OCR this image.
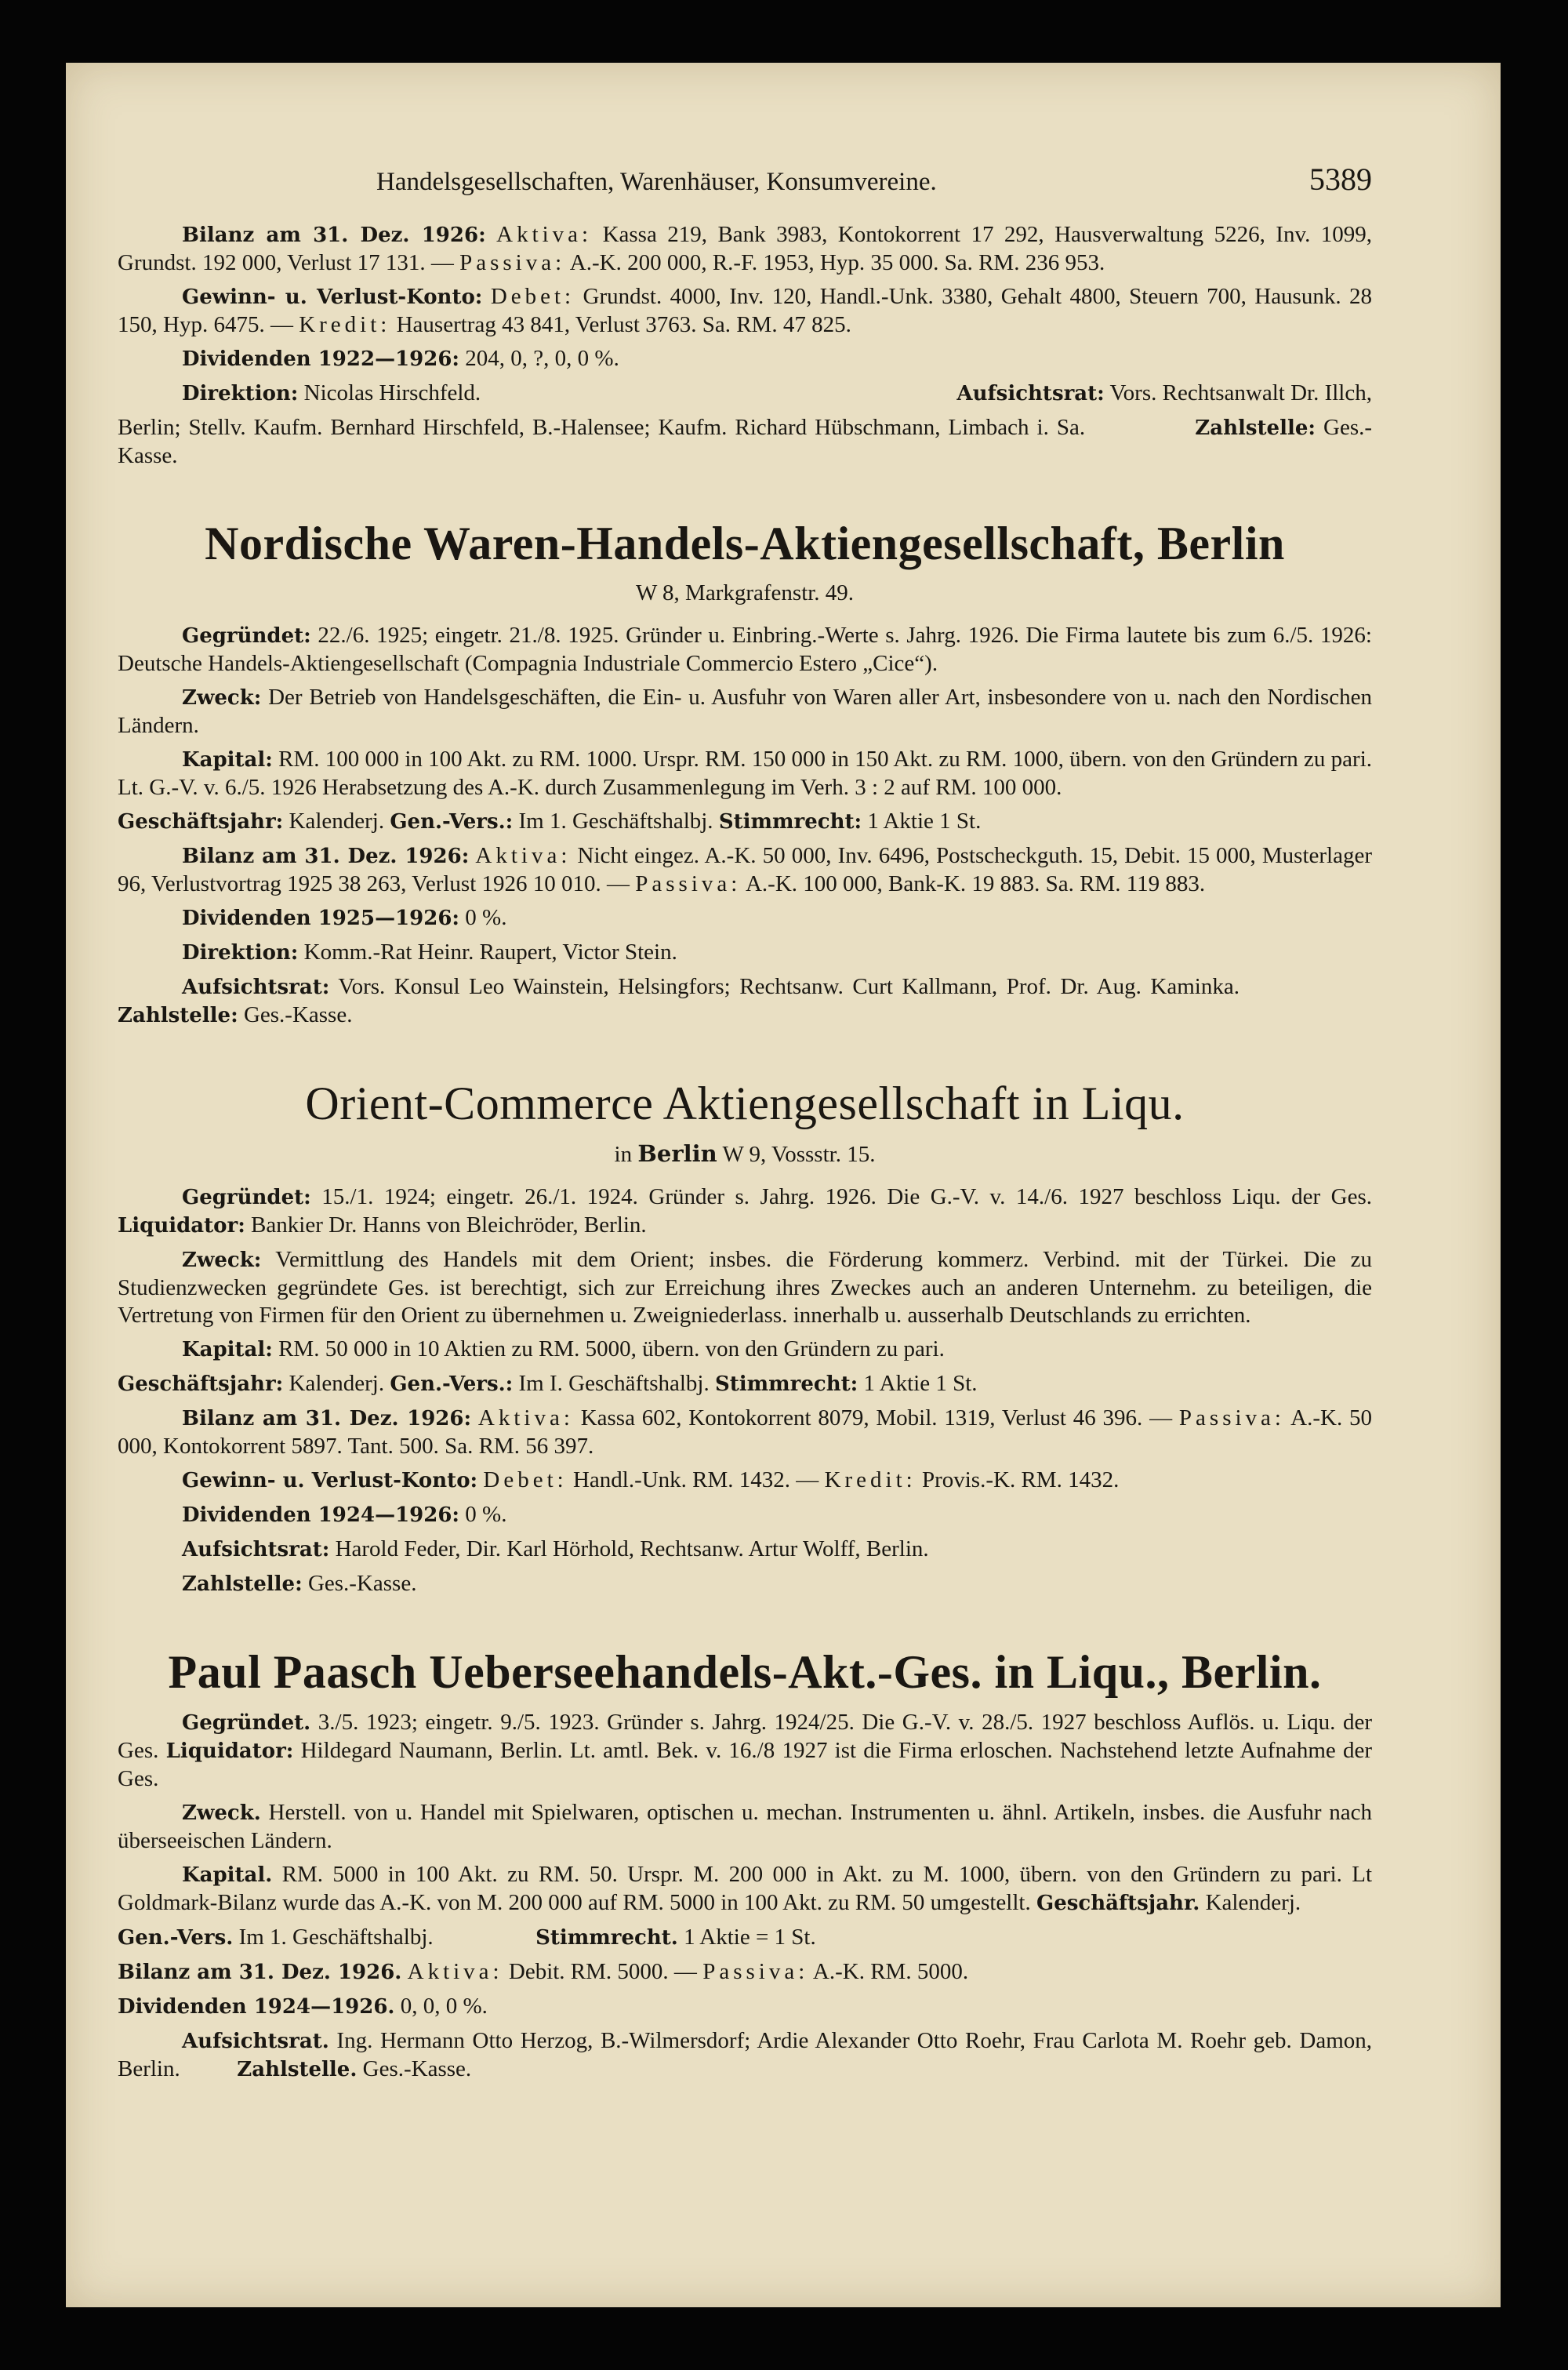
Handelsgesellschaften, Warenhäuser, Konsumvereine.	5389

Bilanz am 31. Dez. 1926: Aktiva: Kassa 219, Bank 3983, Kontokorrent 17 292, Hausverwaltung 5226, Inv. 1099, Grundst. 192 000, Verlust 17 131. — Passiva: A.-K. 200 000, R.-F. 1953, Hyp. 35 000. Sa. RM. 236 953.

Gewinn- u. Verlust-Konto: Debet: Grundst. 4000, Inv. 120, Handl.-Unk. 3380, Gehalt 4800, Steuern 700, Hausunk. 28 150, Hyp. 6475. — Kredit: Hausertrag 43 841, Verlust 3763. Sa. RM. 47 825.

Dividenden 1922—1926: 204, 0, ?, 0, 0 %.

Direktion: Nicolas Hirschfeld.	Aufsichtsrat: Vors. Rechtsanwalt Dr. Illch,

Berlin; Stellv. Kaufm. Bernhard Hirschfeld, B.-Halensee; Kaufm. Richard Hübschmann, Limbach i. Sa.	Zahlstelle: Ges.-Kasse.

Nordische Waren-Handels-Aktiengesellschaft, Berlin
W 8, Markgrafenstr. 49.

Gegründet: 22./6. 1925; eingetr. 21./8. 1925. Gründer u. Einbring.-Werte s. Jahrg. 1926. Die Firma lautete bis zum 6./5. 1926: Deutsche Handels-Aktiengesellschaft (Compagnia Industriale Commercio Estero „Cice“).

Zweck: Der Betrieb von Handelsgeschäften, die Ein- u. Ausfuhr von Waren aller Art, insbesondere von u. nach den Nordischen Ländern.

Kapital: RM. 100 000 in 100 Akt. zu RM. 1000. Urspr. RM. 150 000 in 150 Akt. zu RM. 1000, übern. von den Gründern zu pari. Lt. G.-V. v. 6./5. 1926 Herabsetzung des A.-K. durch Zusammenlegung im Verh. 3 : 2 auf RM. 100 000.

Geschäftsjahr: Kalenderj. Gen.-Vers.: Im 1. Geschäftshalbj. Stimmrecht: 1 Aktie 1 St.

Bilanz am 31. Dez. 1926: Aktiva: Nicht eingez. A.-K. 50 000, Inv. 6496, Postscheckguth. 15, Debit. 15 000, Musterlager 96, Verlustvortrag 1925 38 263, Verlust 1926 10 010. — Passiva: A.-K. 100 000, Bank-K. 19 883. Sa. RM. 119 883.

Dividenden 1925—1926: 0 %.

Direktion: Komm.-Rat Heinr. Raupert, Victor Stein.

Aufsichtsrat: Vors. Konsul Leo Wainstein, Helsingfors; Rechtsanw. Curt Kallmann, Prof. Dr. Aug. Kaminka.                Zahlstelle: Ges.-Kasse.

Orient-Commerce Aktiengesellschaft in Liqu.
in Berlin W 9, Vossstr. 15.

Gegründet: 15./1. 1924; eingetr. 26./1. 1924. Gründer s. Jahrg. 1926. Die G.-V. v. 14./6. 1927 beschloss Liqu. der Ges. Liquidator: Bankier Dr. Hanns von Bleichröder, Berlin.

Zweck: Vermittlung des Handels mit dem Orient; insbes. die Förderung kommerz. Verbind. mit der Türkei. Die zu Studienzwecken gegründete Ges. ist berechtigt, sich zur Erreichung ihres Zweckes auch an anderen Unternehm. zu beteiligen, die Vertretung von Firmen für den Orient zu übernehmen u. Zweigniederlass. innerhalb u. ausserhalb Deutschlands zu errichten.

Kapital: RM. 50 000 in 10 Aktien zu RM. 5000, übern. von den Gründern zu pari.

Geschäftsjahr: Kalenderj. Gen.-Vers.: Im I. Geschäftshalbj. Stimmrecht: 1 Aktie 1 St.

Bilanz am 31. Dez. 1926: Aktiva: Kassa 602, Kontokorrent 8079, Mobil. 1319, Verlust 46 396. — Passiva: A.-K. 50 000, Kontokorrent 5897. Tant. 500. Sa. RM. 56 397.

Gewinn- u. Verlust-Konto: Debet: Handl.-Unk. RM. 1432. — Kredit: Provis.-K. RM. 1432.

Dividenden 1924—1926: 0 %.

Aufsichtsrat: Harold Feder, Dir. Karl Hörhold, Rechtsanw. Artur Wolff, Berlin.

Zahlstelle: Ges.-Kasse.

Paul Paasch Ueberseehandels-Akt.-Ges. in Liqu., Berlin.

Gegründet. 3./5. 1923; eingetr. 9./5. 1923. Gründer s. Jahrg. 1924/25. Die G.-V. v. 28./5. 1927 beschloss Auflös. u. Liqu. der Ges. Liquidator: Hildegard Naumann, Berlin. Lt. amtl. Bek. v. 16./8 1927 ist die Firma erloschen. Nachstehend letzte Aufnahme der Ges.

Zweck. Herstell. von u. Handel mit Spielwaren, optischen u. mechan. Instrumenten u. ähnl. Artikeln, insbes. die Ausfuhr nach überseeischen Ländern.

Kapital. RM. 5000 in 100 Akt. zu RM. 50. Urspr. M. 200 000 in Akt. zu M. 1000, übern. von den Gründern zu pari. Lt Goldmark-Bilanz wurde das A.-K. von M. 200 000 auf RM. 5000 in 100 Akt. zu RM. 50 umgestellt. Geschäftsjahr. Kalenderj.

Gen.-Vers. Im 1. Geschäftshalbj.	Stimmrecht. 1 Aktie = 1 St.

Bilanz am 31. Dez. 1926. Aktiva: Debit. RM. 5000. — Passiva: A.-K. RM. 5000.

Dividenden 1924—1926. 0, 0, 0 %.

Aufsichtsrat. Ing. Hermann Otto Herzog, B.-Wilmersdorf; Ardie Alexander Otto Roehr, Frau Carlota M. Roehr geb. Damon, Berlin.	Zahlstelle. Ges.-Kasse.
